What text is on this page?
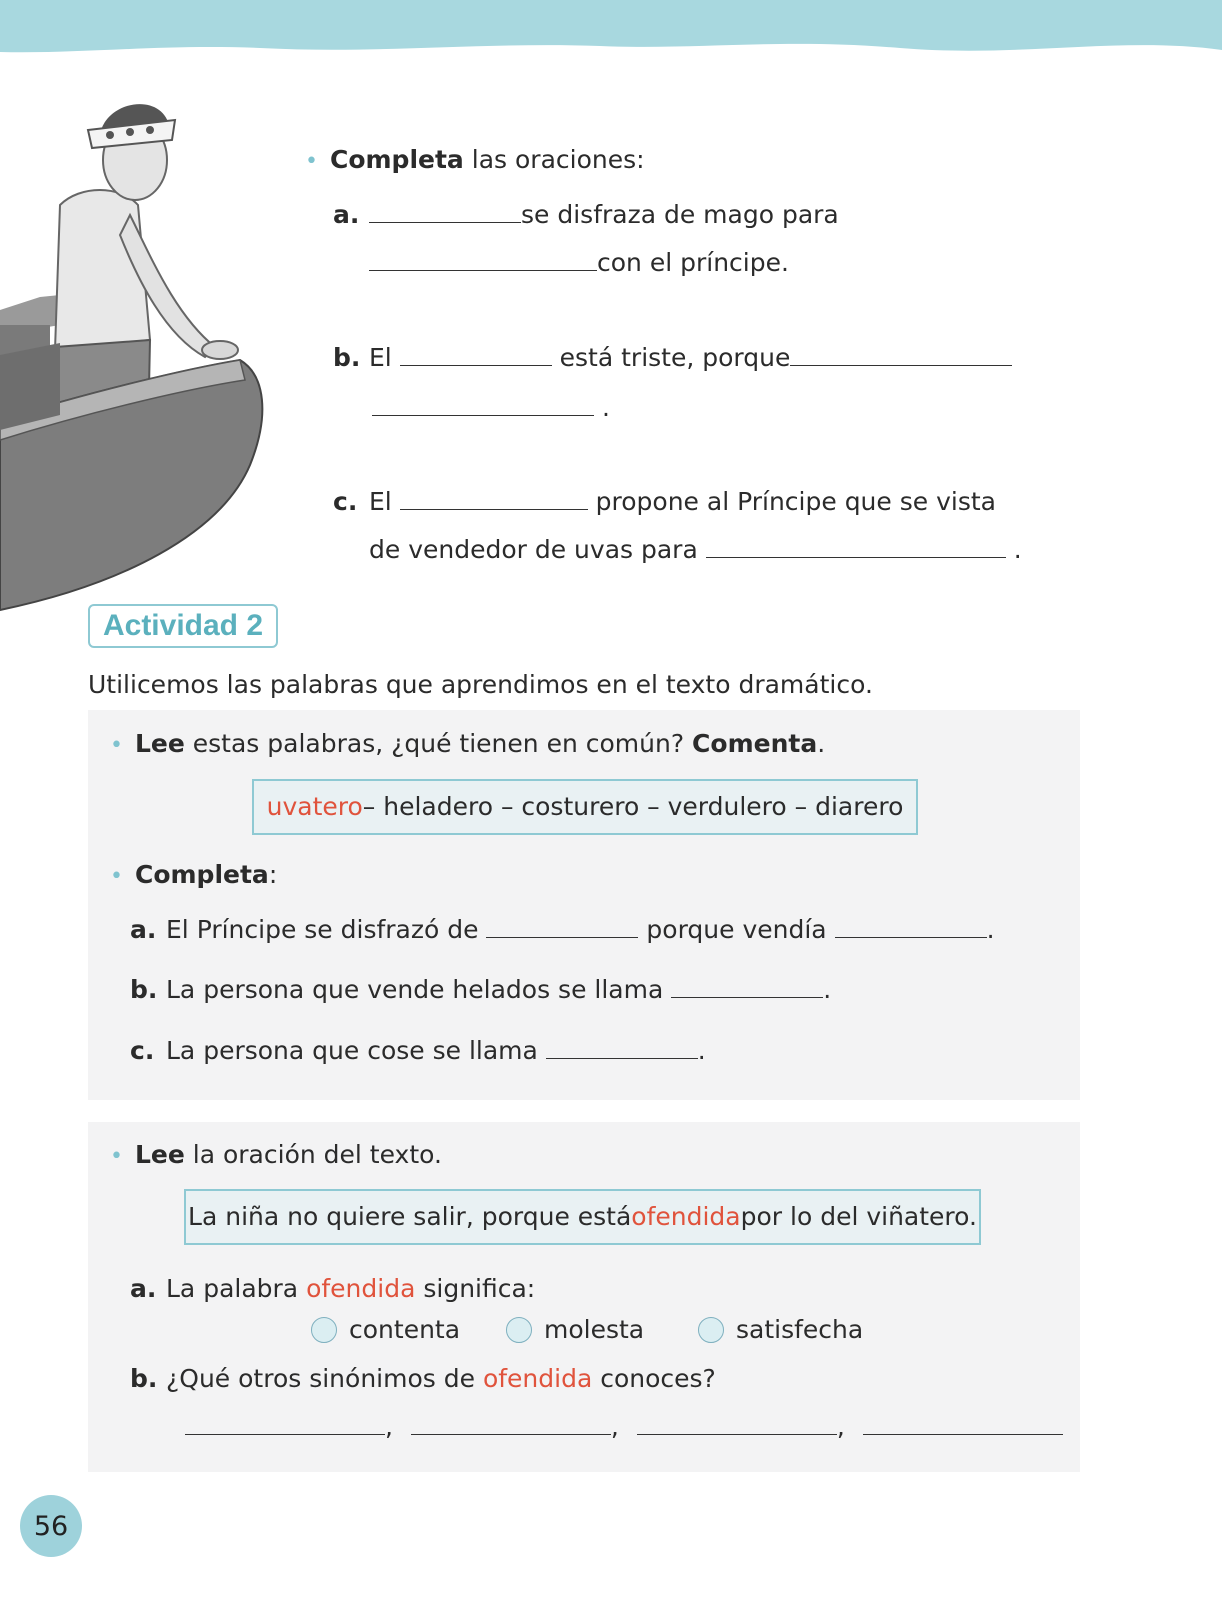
• Completa las oraciones:
a.	se disfraza de mago para
con el príncipe.
b. El	está triste, porque
.
c. El	propone al Príncipe que se vista
de vendedor de uvas para	.
Actividad 2
Utilicemos las palabras que aprendimos en el texto dramático.
• Lee estas palabras, ¿qué tienen en común? Comenta.
uvatero – heladero – costurero – verdulero – diarero
• Completa:
a. El Príncipe se disfrazó de	porque vendía	.
b. La persona que vende helados se llama	.
c. La persona que cose se llama	.
• Lee la oración del texto.
La niña no quiere salir, porque está ofendida por lo del viñatero.
a. La palabra ofendida significa:
contenta	molesta	satisfecha
b. ¿Qué otros sinónimos de ofendida conoces?
,	,	,
56
